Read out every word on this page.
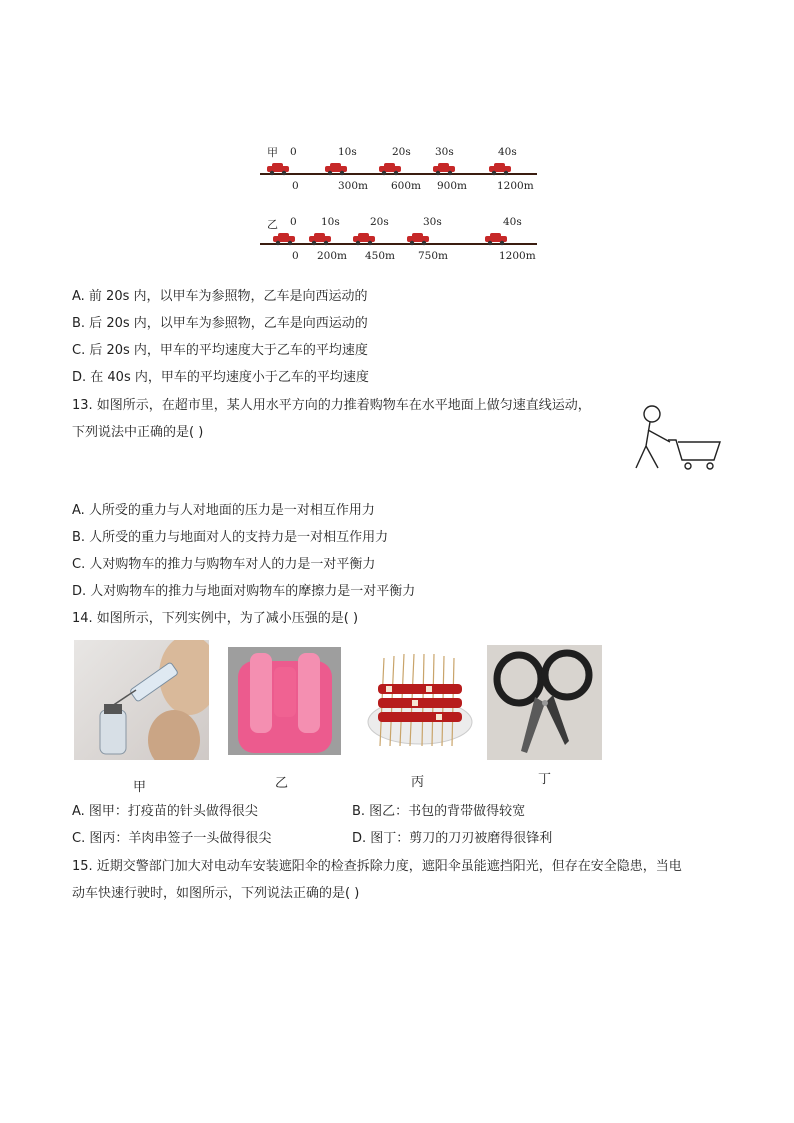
甲 0	10s	20s 30s	40s
0	300m 600m 900m	1200m
乙 0 10s	20s	30s	40s
0 200m 450m 750m	1200m
A. 前 20s 内，以甲车为参照物，乙车是向西运动的
B. 后 20s 内，以甲车为参照物，乙车是向西运动的
C. 后 20s 内，甲车的平均速度大于乙车的平均速度
D. 在 40s 内，甲车的平均速度小于乙车的平均速度
13. 如图所示，在超市里，某人用水平方向的力推着购物车在水平地面上做匀速直线运动，
下列说法中正确的是( )
A. 人所受的重力与人对地面的压力是一对相互作用力
B. 人所受的重力与地面对人的支持力是一对相互作用力
C. 人对购物车的推力与购物车对人的力是一对平衡力
D. 人对购物车的推力与地面对购物车的摩擦力是一对平衡力
14. 如图所示，下列实例中，为了减小压强的是( )
甲	乙	丙	丁
A. 图甲：打疫苗的针头做得很尖	B. 图乙：书包的背带做得较宽
C. 图丙：羊肉串签子一头做得很尖	D. 图丁：剪刀的刀刃被磨得很锋利
15. 近期交警部门加大对电动车安装遮阳伞的检查拆除力度，遮阳伞虽能遮挡阳光，但存在安全隐患，当电
动车快速行驶时，如图所示，下列说法正确的是( )
